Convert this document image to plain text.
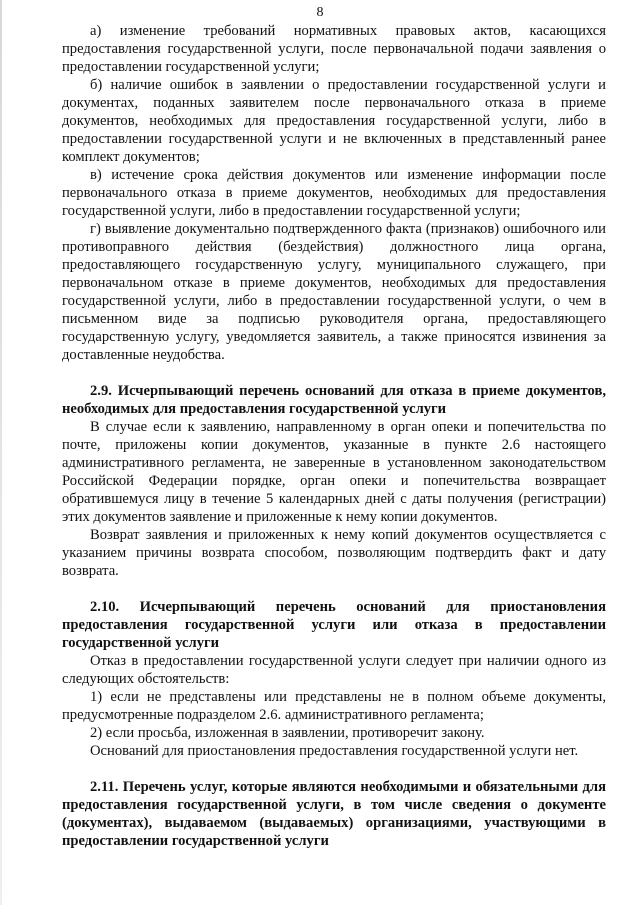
8

а) изменение требований нормативных правовых актов, касающихся предоставления государственной услуги, после первоначальной подачи заявления о предоставлении государственной услуги;

б) наличие ошибок в заявлении о предоставлении государственной услуги и документах, поданных заявителем после первоначального отказа в приеме документов, необходимых для предоставления государственной услуги, либо в предоставлении государственной услуги и не включенных в представленный ранее комплект документов;

в) истечение срока действия документов или изменение информации после первоначального отказа в приеме документов, необходимых для предоставления государственной услуги, либо в предоставлении государственной услуги;

г) выявление документально подтвержденного факта (признаков) ошибочного или противоправного действия (бездействия) должностного лица органа, предоставляющего государственную услугу, муниципального служащего, при первоначальном отказе в приеме документов, необходимых для предоставления государственной услуги, либо в предоставлении государственной услуги, о чем в письменном виде за подписью руководителя органа, предоставляющего государственную услугу, уведомляется заявитель, а также приносятся извинения за доставленные неудобства.

2.9. Исчерпывающий перечень оснований для отказа в приеме документов, необходимых для предоставления государственной услуги

В случае если к заявлению, направленному в орган опеки и попечительства по почте, приложены копии документов, указанные в пункте 2.6 настоящего административного регламента, не заверенные в установленном законодательством Российской Федерации порядке, орган опеки и попечительства возвращает обратившемуся лицу в течение 5 календарных дней с даты получения (регистрации) этих документов заявление и приложенные к нему копии документов.

Возврат заявления и приложенных к нему копий документов осуществляется с указанием причины возврата способом, позволяющим подтвердить факт и дату возврата.

2.10. Исчерпывающий перечень оснований для приостановления предоставления государственной услуги или отказа в предоставлении государственной услуги

Отказ в предоставлении государственной услуги следует при наличии одного из следующих обстоятельств:

1) если не представлены или представлены не в полном объеме документы, предусмотренные подразделом 2.6. административного регламента;

2) если просьба, изложенная в заявлении, противоречит закону.

Оснований для приостановления предоставления государственной услуги нет.

2.11. Перечень услуг, которые являются необходимыми и обязательными для предоставления государственной услуги, в том числе сведения о документе (документах), выдаваемом (выдаваемых) организациями, участвующими в предоставлении государственной услуги
